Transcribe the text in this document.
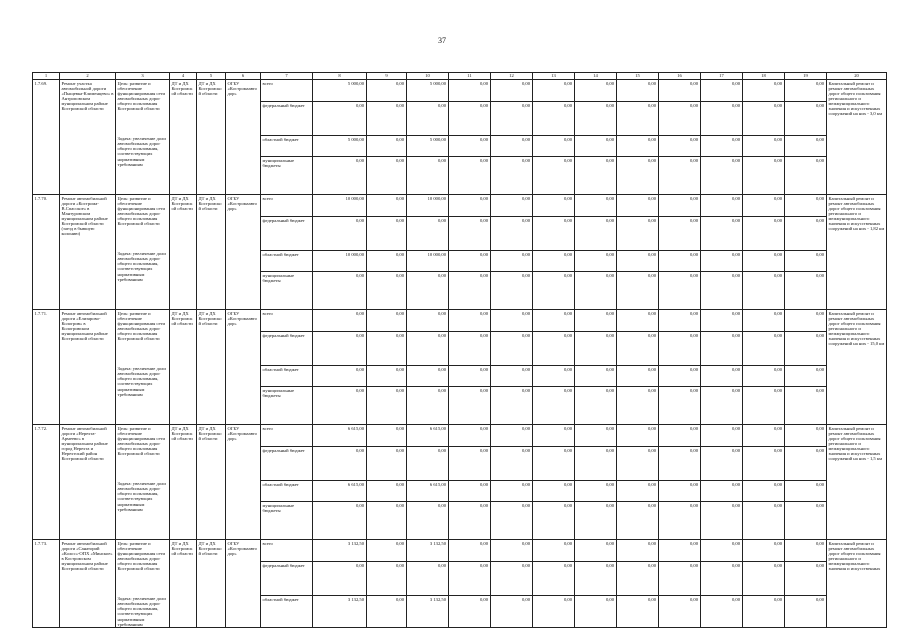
37
1	2	3	4	5	6	7	8	9	10	11	12	13	14	15	16	17	18	19	20
1.7.69.	Ремонт участка автомобильной дороги «Пыщевка-Клименцево» в Антроповском муниципальном районе Костромской области	Цель: развитие и обеспечение функционирования сети автомобильных дорог общего пользования Костромской области	ДТ и ДХ Костромской области	ДТ и ДХ Костромской области	ОГБУ «Костромаавтодор»	всего	5 000,00	0,00	5 000,00	0,00	0,00	0,00	0,00	0,00	0,00	0,00	0,00	0,00	Капитальный ремонт и ремонт автомобильных дорог общего пользования регионального и межмуниципального значения и искусственных сооружений на них - 3,0 км
						федеральный бюджет	0,00	0,00	0,00	0,00	0,00	0,00	0,00	0,00	0,00	0,00	0,00	0,00	
		Задача: увеличение доли автомобильных дорог общего пользования, соответствующих нормативным требованиям				областной бюджет	5 000,00	0,00	5 000,00	0,00	0,00	0,00	0,00	0,00	0,00	0,00	0,00	0,00	
						муниципальные бюджеты	0,00	0,00	0,00	0,00	0,00	0,00	0,00	0,00	0,00	0,00	0,00	0,00	
1.7.70.	Ремонт автомобильной дороги «Кострома-В.Спасское» в Мантуровском муниципальном районе Костромской области (заезд в бывшую колонию)	Цель: развитие и обеспечение функционирования сети автомобильных дорог общего пользования Костромской области	ДТ и ДХ Костромской области	ДТ и ДХ Костромской области	ОГБУ «Костромаавтодор»	всего	10 000,00	0,00	10 000,00	0,00	0,00	0,00	0,00	0,00	0,00	0,00	0,00	0,00	Капитальный ремонт и ремонт автомобильных дорог общего пользования регионального и межмуниципального значения и искусственных сооружений на них - 1,82 км
						федеральный бюджет	0,00	0,00	0,00	0,00	0,00	0,00	0,00	0,00	0,00	0,00	0,00	0,00	
		Задача: увеличение доли автомобильных дорог общего пользования, соответствующих нормативным требованиям				областной бюджет	10 000,00	0,00	10 000,00	0,00	0,00	0,00	0,00	0,00	0,00	0,00	0,00	0,00	
						муниципальные бюджеты	0,00	0,00	0,00	0,00	0,00	0,00	0,00	0,00	0,00	0,00	0,00	0,00	
1.7.71.	Ремонт автомобильной дороги «Елизарово-Кологрив» в Кологривском муниципальном районе Костромской области	Цель: развитие и обеспечение функционирования сети автомобильных дорог общего пользования Костромской области	ДТ и ДХ Костромской области	ДТ и ДХ Костромской области	ОГБУ «Костромаавтодор»	всего	0,00	0,00	0,00	0,00	0,00	0,00	0,00	0,00	0,00	0,00	0,00	0,00	Капитальный ремонт и ремонт автомобильных дорог общего пользования регионального и межмуниципального значения и искусственных сооружений на них - 15,0 км
						федеральный бюджет	0,00	0,00	0,00	0,00	0,00	0,00	0,00	0,00	0,00	0,00	0,00	0,00	
		Задача: увеличение доли автомобильных дорог общего пользования, соответствующих нормативным требованиям				областной бюджет	0,00	0,00	0,00	0,00	0,00	0,00	0,00	0,00	0,00	0,00	0,00	0,00	
						муниципальные бюджеты	0,00	0,00	0,00	0,00	0,00	0,00	0,00	0,00	0,00	0,00	0,00	0,00	
1.7.72.	Ремонт автомобильной дороги «Нерехта-Армеево» в муниципальном районе город Нерехта и Нерехтский район Костромской области	Цель: развитие и обеспечение функционирования сети автомобильных дорог общего пользования Костромской области	ДТ и ДХ Костромской области	ДТ и ДХ Костромской области	ОГБУ «Костромаавтодор»	всего	6 615,00	0,00	6 615,00	0,00	0,00	0,00	0,00	0,00	0,00	0,00	0,00	0,00	Капитальный ремонт и ремонт автомобильных дорог общего пользования регионального и межмуниципального значения и искусственных сооружений на них - 1,5 км
						федеральный бюджет	0,00	0,00	0,00	0,00	0,00	0,00	0,00	0,00	0,00	0,00	0,00	0,00	
		Задача: увеличение доли автомобильных дорог общего пользования, соответствующих нормативным требованиям				областной бюджет	6 615,00	0,00	6 615,00	0,00	0,00	0,00	0,00	0,00	0,00	0,00	0,00	0,00	
						муниципальные бюджеты	0,00	0,00	0,00	0,00	0,00	0,00	0,00	0,00	0,00	0,00	0,00	0,00	
1.7.73.	Ремонт автомобильной дороги «Санаторий «Колос»-ОПХ «Минское» в Костромском муниципальном районе Костромской области	Цель: развитие и обеспечение функционирования сети автомобильных дорог общего пользования Костромской области	ДТ и ДХ Костромской области	ДТ и ДХ Костромской области	ОГБУ «Костромаавтодор»	всего	3 132,50	0,00	3 132,50	0,00	0,00	0,00	0,00	0,00	0,00	0,00	0,00	0,00	Капитальный ремонт и ремонт автомобильных дорог общего пользования регионального и межмуниципального значения и искусственных
						федеральный бюджет	0,00	0,00	0,00	0,00	0,00	0,00	0,00	0,00	0,00	0,00	0,00	0,00	
		Задача: увеличение доли автомобильных дорог общего пользования, соответствующих нормативным требованиям				областной бюджет	3 132,50	0,00	3 132,50	0,00	0,00	0,00	0,00	0,00	0,00	0,00	0,00	0,00	
